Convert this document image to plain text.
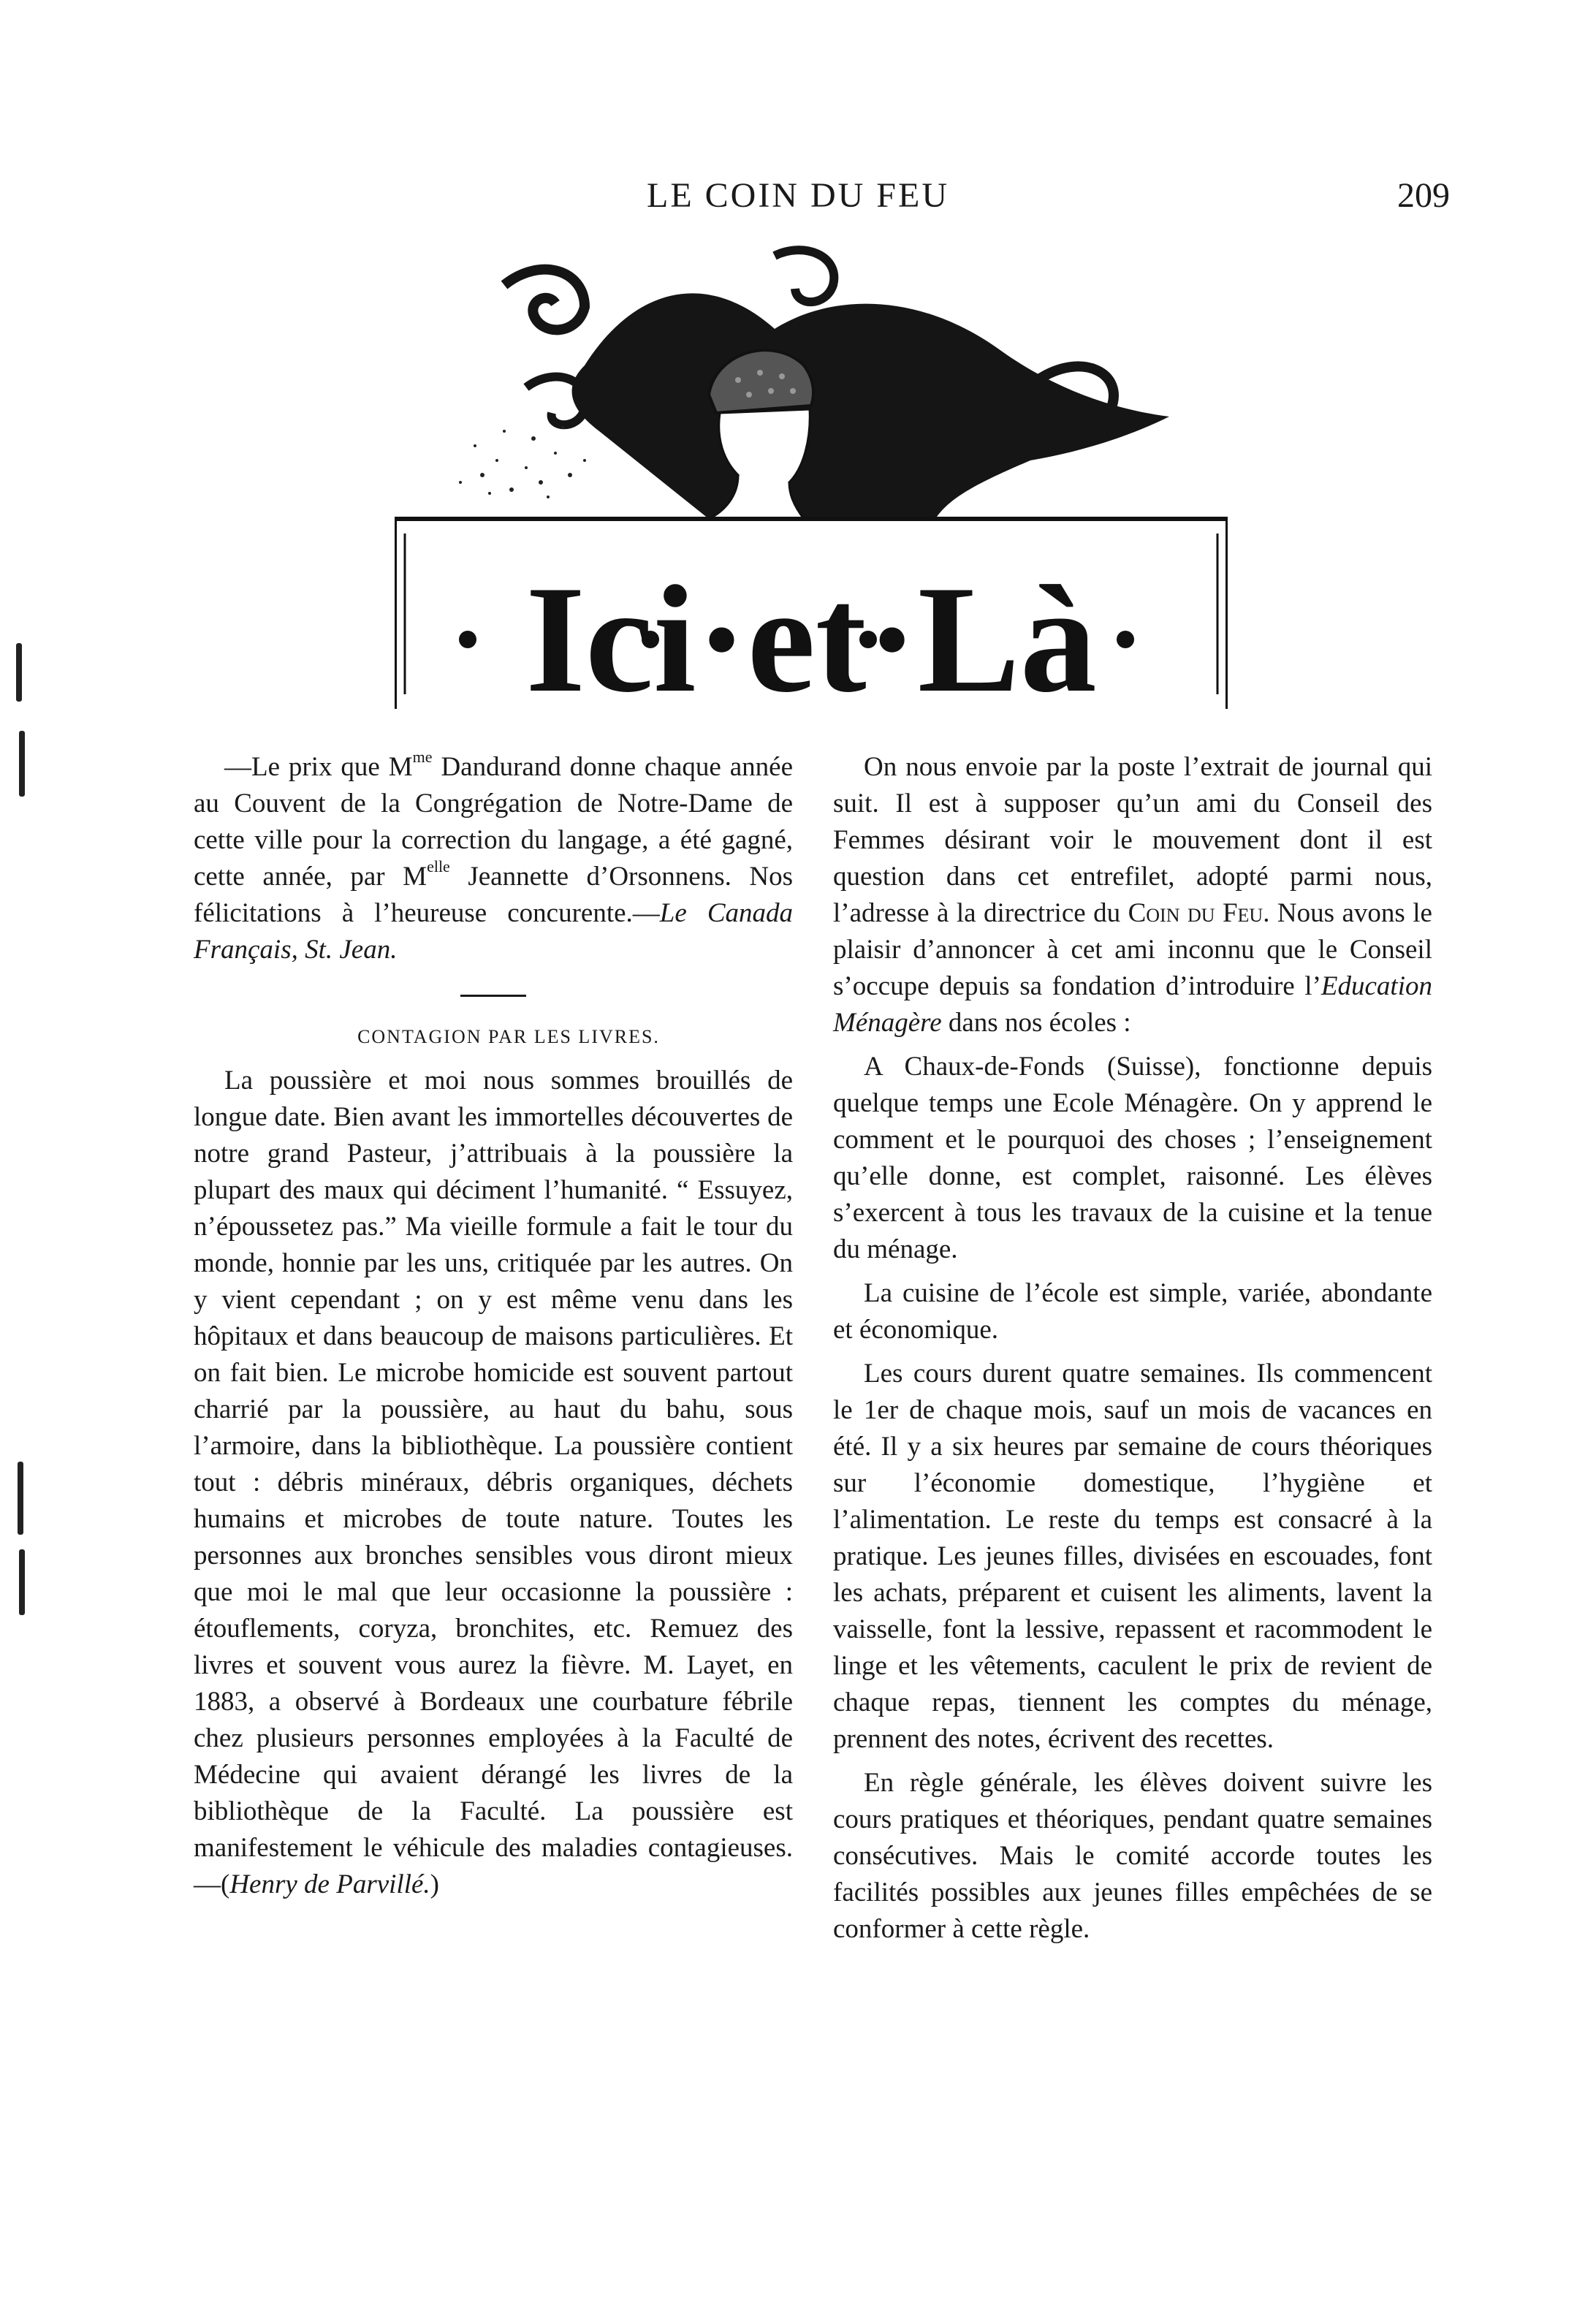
LE COIN DU FEU	209
Ici·et·Là

—Le prix que $M^{me}$ Dandurand donne chaque année au Couvent de la Congrégation de Notre-Dame de cette ville pour la correction du langage, a été gagné, cette année, par $M^{elle}$ Jeannette d’Orsonnens. Nos félicitations à l’heureuse concurente.—Le Canada Français, St. Jean.

CONTAGION PAR LES LIVRES.

La poussière et moi nous sommes brouillés de longue date. Bien avant les immortelles découvertes de notre grand Pasteur, j’attribuais à la poussière la plupart des maux qui déciment l’humanité. “ Essuyez, n’époussetez pas.” Ma vieille formule a fait le tour du monde, honnie par les uns, critiquée par les autres. On y vient cependant ; on y est même venu dans les hôpitaux et dans beaucoup de maisons particulières. Et on fait bien. Le microbe homicide est souvent partout charrié par la poussière, au haut du bahu, sous l’armoire, dans la bibliothèque. La poussière contient tout : débris minéraux, débris organiques, déchets humains et microbes de toute nature. Toutes les personnes aux bronches sensibles vous diront mieux que moi le mal que leur occasionne la poussière : étouflements, coryza, bronchites, etc. Remuez des livres et souvent vous aurez la fièvre. M. Layet, en 1883, a observé à Bordeaux une courbature fébrile chez plusieurs personnes employées à la Faculté de Médecine qui avaient dérangé les livres de la bibliothèque de la Faculté. La poussière est manifestement le véhicule des maladies contagieuses.—(Henry de Parvillé.)

On nous envoie par la poste l’extrait de journal qui suit. Il est à supposer qu’un ami du Conseil des Femmes désirant voir le mouvement dont il est question dans cet entrefilet, adopté parmi nous, l’adresse à la directrice du Coin du Feu. Nous avons le plaisir d’annoncer à cet ami inconnu que le Conseil s’occupe depuis sa fondation d’introduire l’Education Ménagère dans nos écoles :

A Chaux-de-Fonds (Suisse), fonctionne depuis quelque temps une Ecole Ménagère. On y apprend le comment et le pourquoi des choses ; l’enseignement qu’elle donne, est complet, raisonné. Les élèves s’exercent à tous les travaux de la cuisine et la tenue du ménage.

La cuisine de l’école est simple, variée, abondante et économique.

Les cours durent quatre semaines. Ils commencent le 1er de chaque mois, sauf un mois de vacances en été. Il y a six heures par semaine de cours théoriques sur l’économie domestique, l’hygiène et l’alimentation. Le reste du temps est consacré à la pratique. Les jeunes filles, divisées en escouades, font les achats, préparent et cuisent les aliments, lavent la vaisselle, font la lessive, repassent et racommodent le linge et les vêtements, caculent le prix de revient de chaque repas, tiennent les comptes du ménage, prennent des notes, écrivent des recettes.

En règle générale, les élèves doivent suivre les cours pratiques et théoriques, pendant quatre semaines consécutives. Mais le comité accorde toutes les facilités possibles aux jeunes filles empêchées de se conformer à cette règle.
